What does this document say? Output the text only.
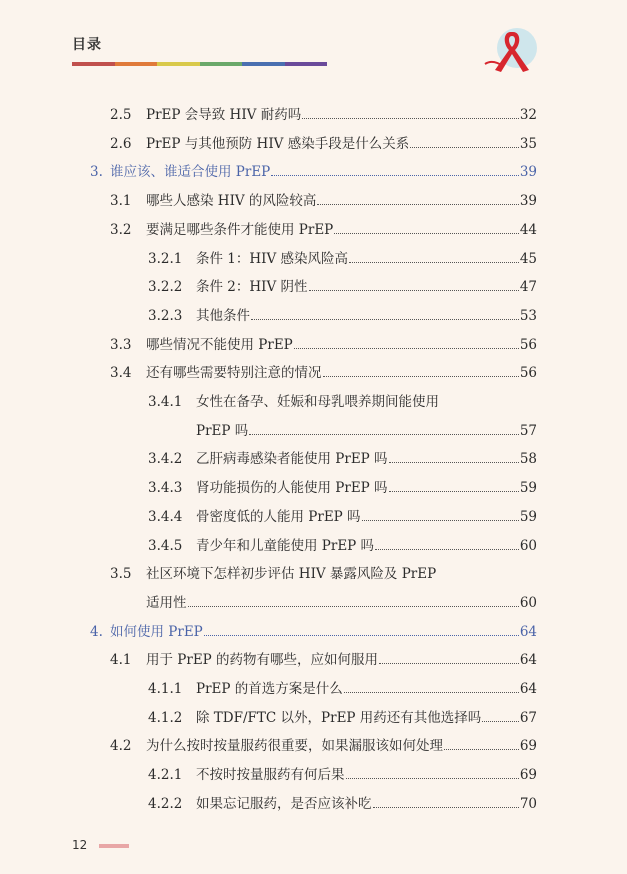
目录
2.5	PrEP 会导致 HIV 耐药吗	32
2.6	PrEP 与其他预防 HIV 感染手段是什么关系	35
3. 谁应该、谁适合使用 PrEP	39
3.1	哪些人感染 HIV 的风险较高	39
3.2	要满足哪些条件才能使用 PrEP	44
3.2.1	条件 1：HIV 感染风险高	45
3.2.2	条件 2：HIV 阴性	47
3.2.3	其他条件	53
3.3	哪些情况不能使用 PrEP	56
3.4	还有哪些需要特别注意的情况	56
3.4.1	女性在备孕、妊娠和母乳喂养期间能使用
PrEP 吗	57
3.4.2	乙肝病毒感染者能使用 PrEP 吗	58
3.4.3	肾功能损伤的人能使用 PrEP 吗	59
3.4.4	骨密度低的人能用 PrEP 吗	59
3.4.5	青少年和儿童能使用 PrEP 吗	60
3.5	社区环境下怎样初步评估 HIV 暴露风险及 PrEP
适用性	60
4. 如何使用 PrEP	64
4.1	用于 PrEP 的药物有哪些，应如何服用	64
4.1.1	PrEP 的首选方案是什么	64
4.1.2	除 TDF/FTC 以外，PrEP 用药还有其他选择吗	67
4.2	为什么按时按量服药很重要，如果漏服该如何处理	69
4.2.1	不按时按量服药有何后果	69
4.2.2	如果忘记服药，是否应该补吃	70
12
